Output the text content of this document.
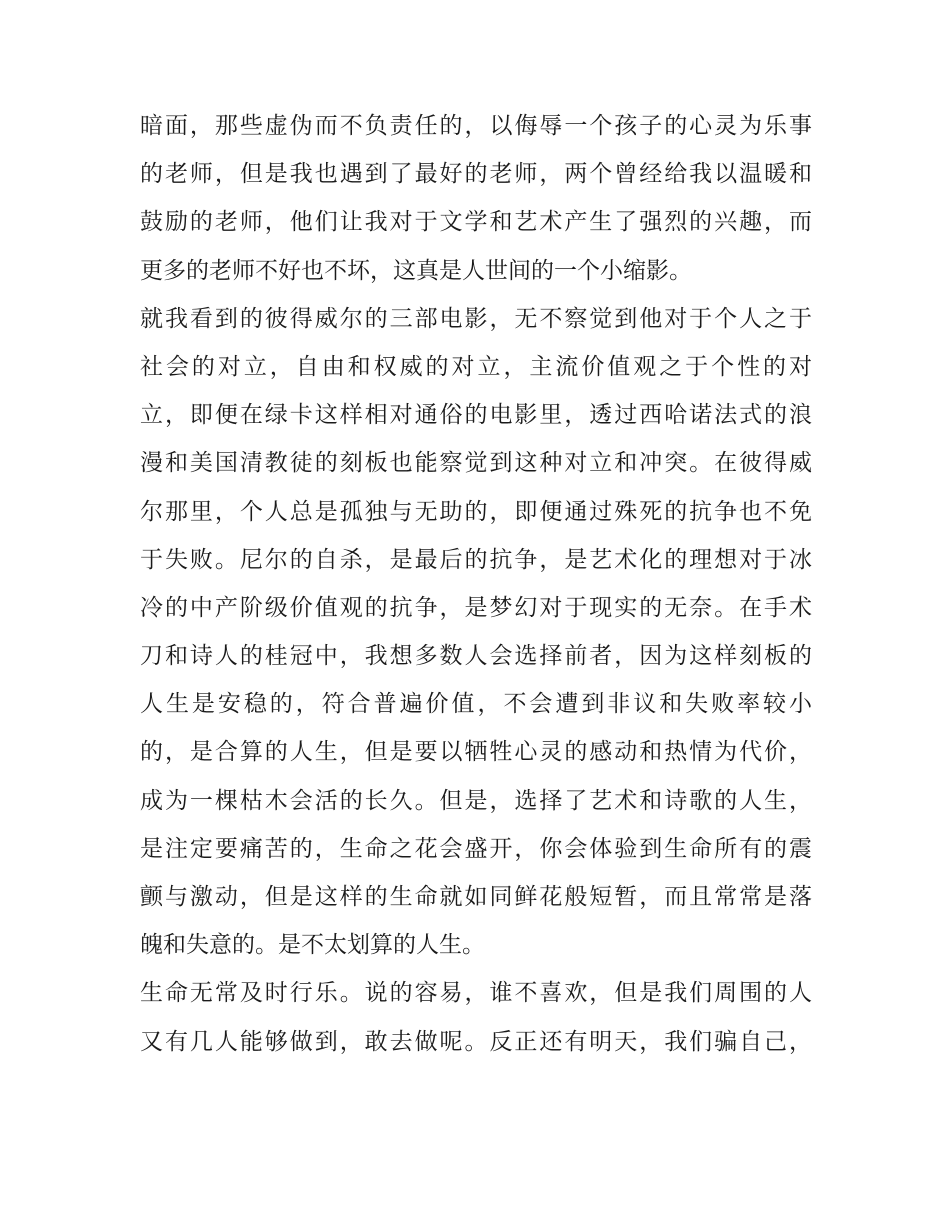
暗面，那些虚伪而不负责任的，以侮辱一个孩子的心灵为乐事
的老师，但是我也遇到了最好的老师，两个曾经给我以温暖和
鼓励的老师，他们让我对于文学和艺术产生了强烈的兴趣，而
更多的老师不好也不坏，这真是人世间的一个小缩影。
就我看到的彼得威尔的三部电影，无不察觉到他对于个人之于
社会的对立，自由和权威的对立，主流价值观之于个性的对
立，即便在绿卡这样相对通俗的电影里，透过西哈诺法式的浪
漫和美国清教徒的刻板也能察觉到这种对立和冲突。在彼得威
尔那里，个人总是孤独与无助的，即便通过殊死的抗争也不免
于失败。尼尔的自杀，是最后的抗争，是艺术化的理想对于冰
冷的中产阶级价值观的抗争，是梦幻对于现实的无奈。在手术
刀和诗人的桂冠中，我想多数人会选择前者，因为这样刻板的
人生是安稳的，符合普遍价值，不会遭到非议和失败率较小
的，是合算的人生，但是要以牺牲心灵的感动和热情为代价，
成为一棵枯木会活的长久。但是，选择了艺术和诗歌的人生，
是注定要痛苦的，生命之花会盛开，你会体验到生命所有的震
颤与激动，但是这样的生命就如同鲜花般短暂，而且常常是落
魄和失意的。是不太划算的人生。
生命无常及时行乐。说的容易，谁不喜欢，但是我们周围的人
又有几人能够做到，敢去做呢。反正还有明天，我们骗自己，
